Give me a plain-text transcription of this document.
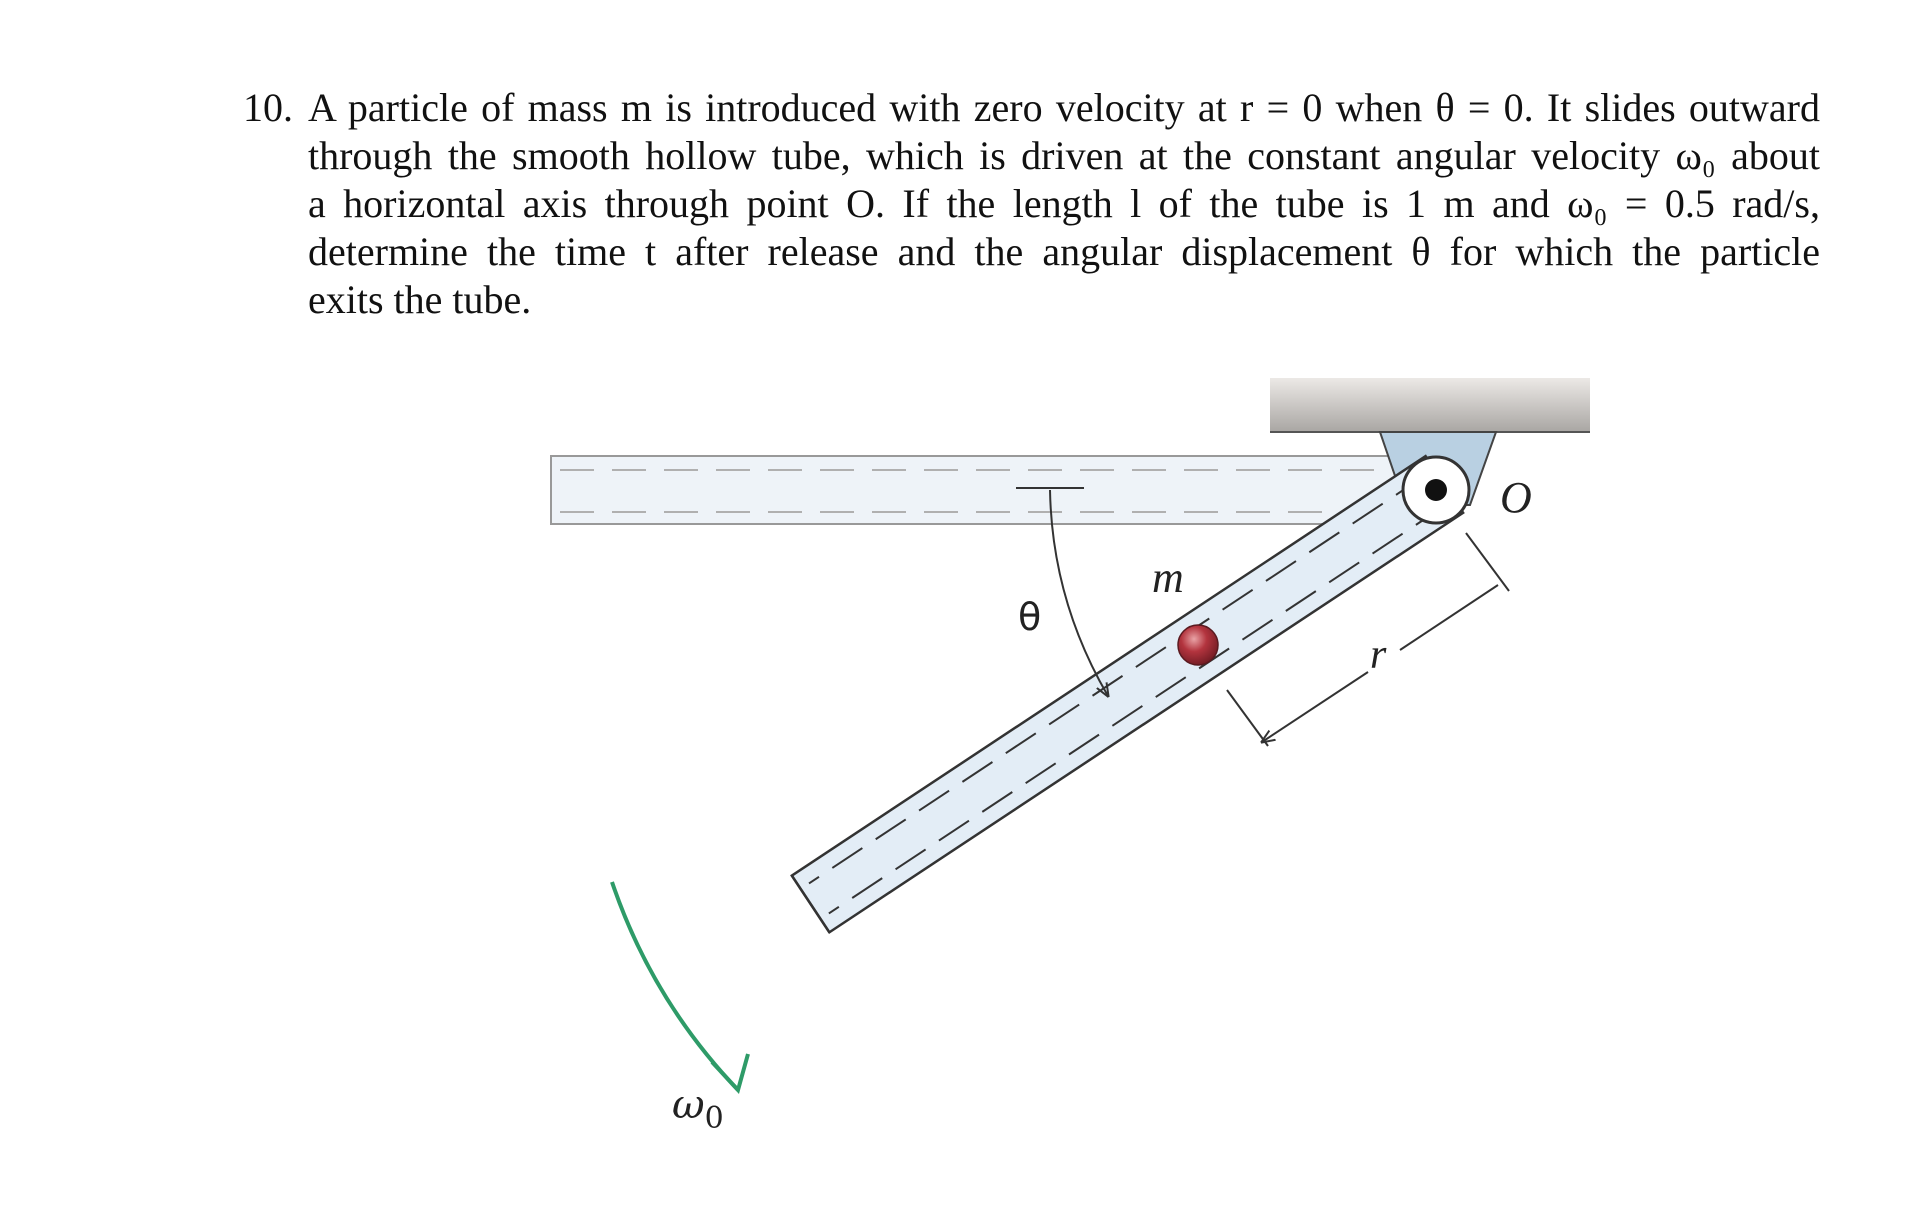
10. A particle of mass m is introduced with zero velocity at r = 0 when θ = 0. It slides outward
through the smooth hollow tube, which is driven at the constant angular velocity ω₀ about
a horizontal axis through point O. If the length l of the tube is 1 m and ω₀ = 0.5 rad/s,
determine the time t after release and the angular displacement θ for which the particle
exits the tube.
O
m
θ
r
$\omega_0$
